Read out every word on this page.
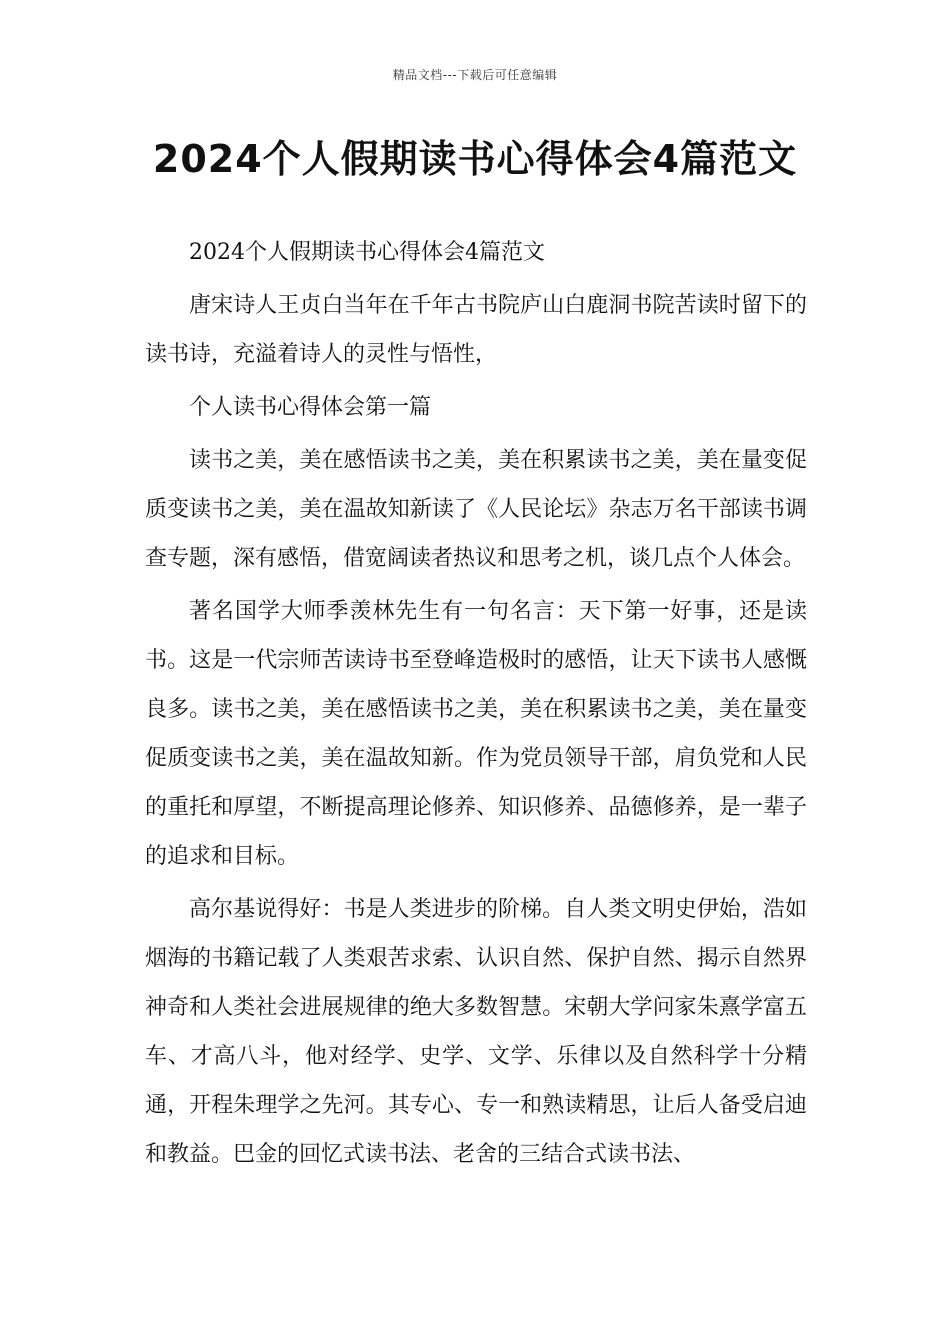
精品文档---下载后可任意编辑
2024个人假期读书心得体会4篇范文

2024个人假期读书心得体会4篇范文

唐宋诗人王贞白当年在千年古书院庐山白鹿洞书院苦读时留下的读书诗，充溢着诗人的灵性与悟性，

个人读书心得体会第一篇

读书之美，美在感悟读书之美，美在积累读书之美，美在量变促质变读书之美，美在温故知新读了《人民论坛》杂志万名干部读书调查专题，深有感悟，借宽阔读者热议和思考之机，谈几点个人体会。

著名国学大师季羡林先生有一句名言：天下第一好事，还是读书。这是一代宗师苦读诗书至登峰造极时的感悟，让天下读书人感慨良多。读书之美，美在感悟读书之美，美在积累读书之美，美在量变促质变读书之美，美在温故知新。作为党员领导干部，肩负党和人民的重托和厚望，不断提高理论修养、知识修养、品德修养，是一辈子的追求和目标。

高尔基说得好：书是人类进步的阶梯。自人类文明史伊始，浩如烟海的书籍记载了人类艰苦求索、认识自然、保护自然、揭示自然界神奇和人类社会进展规律的绝大多数智慧。宋朝大学问家朱熹学富五车、才高八斗，他对经学、史学、文学、乐律以及自然科学十分精通，开程朱理学之先河。其专心、专一和熟读精思，让后人备受启迪和教益。巴金的回忆式读书法、老舍的三结合式读书法、
